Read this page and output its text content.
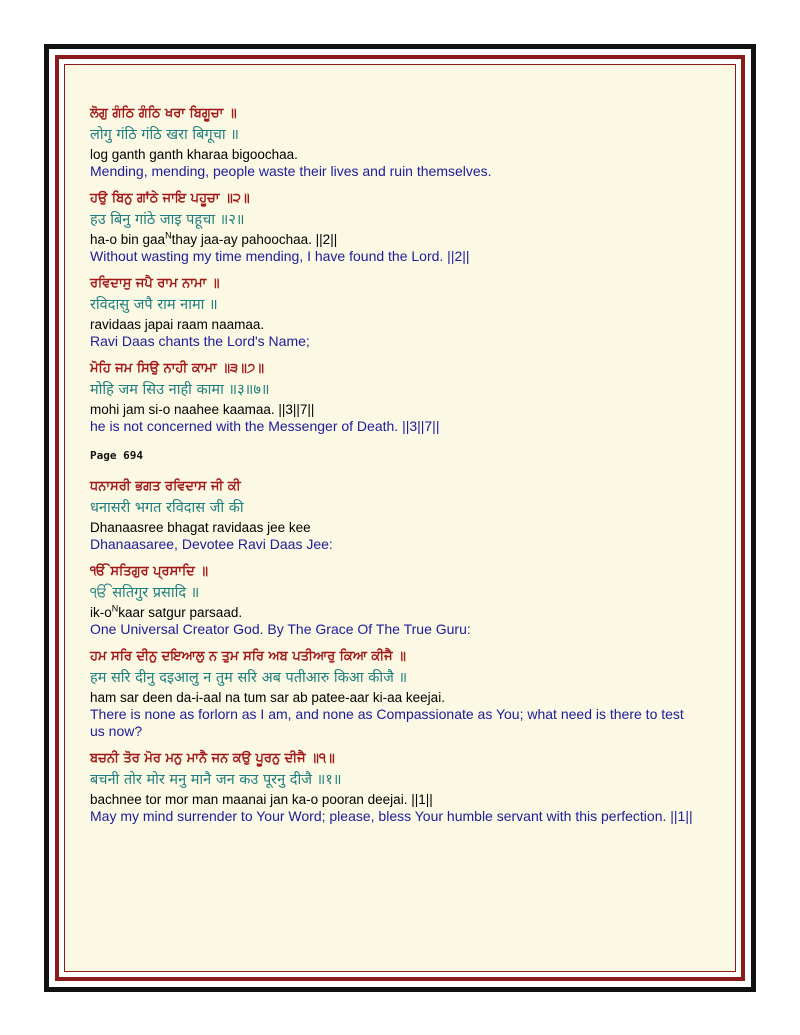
ਲੋਗੁ ਗੰਠਿ ਗੰਠਿ ਖਰਾ ਬਿਗੂਚਾ ॥
लोगु गंठि गंठि खरा बिगूचा ॥
log ganth ganth kharaa bigoochaa.
Mending, mending, people waste their lives and ruin themselves.
ਹਉ ਬਿਨੁ ਗਾਂਠੇ ਜਾਇ ਪਹੂਚਾ ॥੨॥
हउ बिनु गांठे जाइ पहूचा ॥२॥
ha-o bin gaa$^N$thay jaa-ay pahoochaa. ||2||
Without wasting my time mending, I have found the Lord. ||2||
ਰਵਿਦਾਸੁ ਜਪੈ ਰਾਮ ਨਾਮਾ ॥
रविदासु जपै राम नामा ॥
ravidaas japai raam naamaa.
Ravi Daas chants the Lord's Name;
ਮੋਹਿ ਜਮ ਸਿਉ ਨਾਹੀ ਕਾਮਾ ॥੩॥੭॥
मोहि जम सिउ नाही कामा ॥३॥७॥
mohi jam si-o naahee kaamaa. ||3||7||
he is not concerned with the Messenger of Death. ||3||7||
Page 694
ਧਨਾਸਰੀ ਭਗਤ ਰਵਿਦਾਸ ਜੀ ਕੀ
धनासरी भगत रविदास जी की
Dhanaasree bhagat ravidaas jee kee
Dhanaasaree, Devotee Ravi Daas Jee:
ੴ ਸਤਿਗੁਰ ਪ੍ਰਸਾਦਿ ॥
ੴ सतिगुर प्रसादि ॥
$ik-o^Nkaar$ satgur parsaad.
One Universal Creator God. By The Grace Of The True Guru:
ਹਮ ਸਰਿ ਦੀਨੁ ਦਇਆਲੁ ਨ ਤੁਮ ਸਰਿ ਅਬ ਪਤੀਆਰੁ ਕਿਆ ਕੀਜੈ ॥
हम सरि दीनु दइआलु न तुम सरि अब पतीआरु किआ कीजै ॥
ham sar deen da-i-aal na tum sar ab patee-aar ki-aa keejai.
There is none as forlorn as I am, and none as Compassionate as You; what need is there to test us now?
ਬਚਨੀ ਤੋਰ ਮੋਰ ਮਨੁ ਮਾਨੈ ਜਨ ਕਉ ਪੂਰਨੁ ਦੀਜੈ ॥੧॥
बचनी तोर मोर मनु मानै जन कउ पूरनु दीजै ॥१॥
bachnee tor mor man maanai jan ka-o pooran deejai. ||1||
May my mind surrender to Your Word; please, bless Your humble servant with this perfection. ||1||
